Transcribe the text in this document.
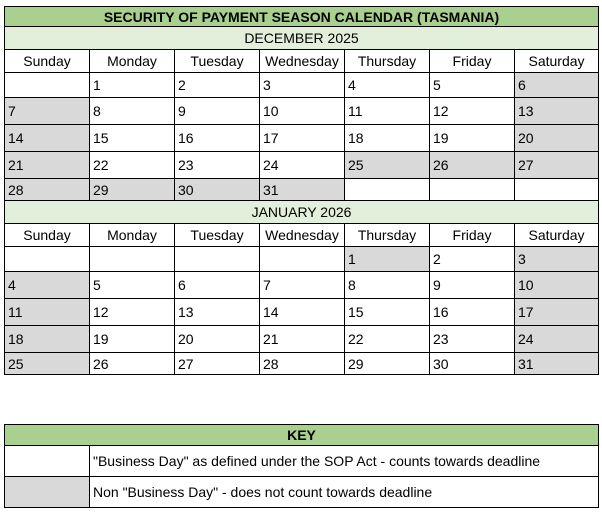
SECURITY OF PAYMENT SEASON CALENDAR (TASMANIA)						
DECEMBER 2025						
Sunday	Monday	Tuesday	Wednesday	Thursday	Friday	Saturday
	1	2	3	4	5	6
7	8	9	10	11	12	13
14	15	16	17	18	19	20
21	22	23	24	25	26	27
28	29	30	31			
JANUARY 2026						
Sunday	Monday	Tuesday	Wednesday	Thursday	Friday	Saturday
				1	2	3
4	5	6	7	8	9	10
11	12	13	14	15	16	17
18	19	20	21	22	23	24
25	26	27	28	29	30	31
KEY	
	"Business Day" as defined under the SOP Act - counts towards deadline
	Non "Business Day" - does not count towards deadline
